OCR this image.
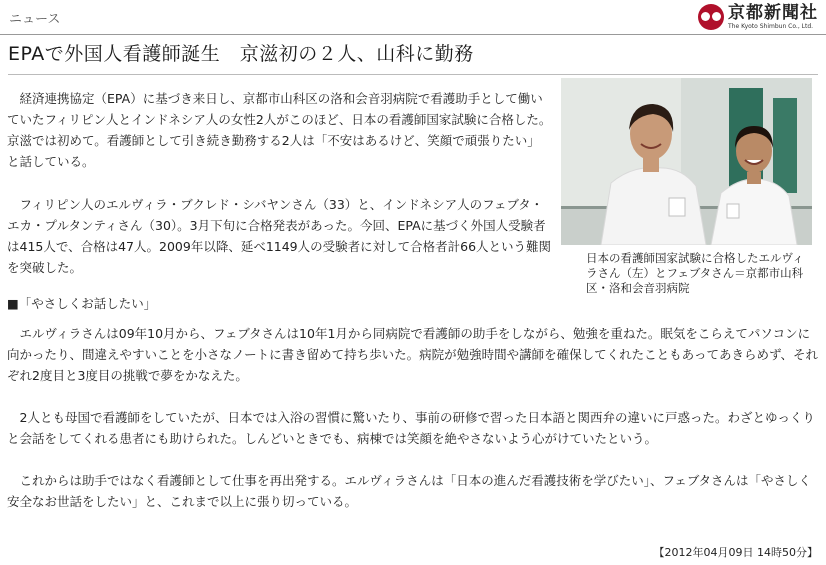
ニュース	京都新聞社
The Kyoto Shimbun Co., Ltd.
EPAで外国人看護師誕生　京滋初の２人、山科に勤務

経済連携協定（EPA）に基づき来日し、京都市山科区の洛和会音羽病院で看護助手として働いていたフィリピン人とインドネシア人の女性2人がこのほど、日本の看護師国家試験に合格した。京滋では初めて。看護師として引き続き勤務する2人は「不安はあるけど、笑顔で頑張りたい」と話している。

フィリピン人のエルヴィラ・ブクレド・シバヤンさん（33）と、インドネシア人のフェブタ・エカ・プルタンティさん（30）。3月下旬に合格発表があった。今回、EPAに基づく外国人受験者は415人で、合格は47人。2009年以降、延べ1149人の受験者に対して合格者計66人という難関を突破した。

■「やさしくお話したい」

エルヴィラさんは09年10月から、フェブタさんは10年1月から同病院で看護師の助手をしながら、勉強を重ねた。眠気をこらえてパソコンに向かったり、間違えやすいことを小さなノートに書き留めて持ち歩いた。病院が勉強時間や講師を確保してくれたこともあってあきらめず、それぞれ2度目と3度目の挑戦で夢をかなえた。

2人とも母国で看護師をしていたが、日本では入浴の習慣に驚いたり、事前の研修で習った日本語と関西弁の違いに戸惑った。わざとゆっくりと会話をしてくれる患者にも助けられた。しんどいときでも、病棟では笑顔を絶やさないよう心がけていたという。

これからは助手ではなく看護師として仕事を再出発する。エルヴィラさんは「日本の進んだ看護技術を学びたい」、フェブタさんは「やさしく安全なお世話をしたい」と、これまで以上に張り切っている。

日本の看護師国家試験に合格したエルヴィラさん（左）とフェブタさん＝京都市山科区・洛和会音羽病院

【2012年04月09日 14時50分】
